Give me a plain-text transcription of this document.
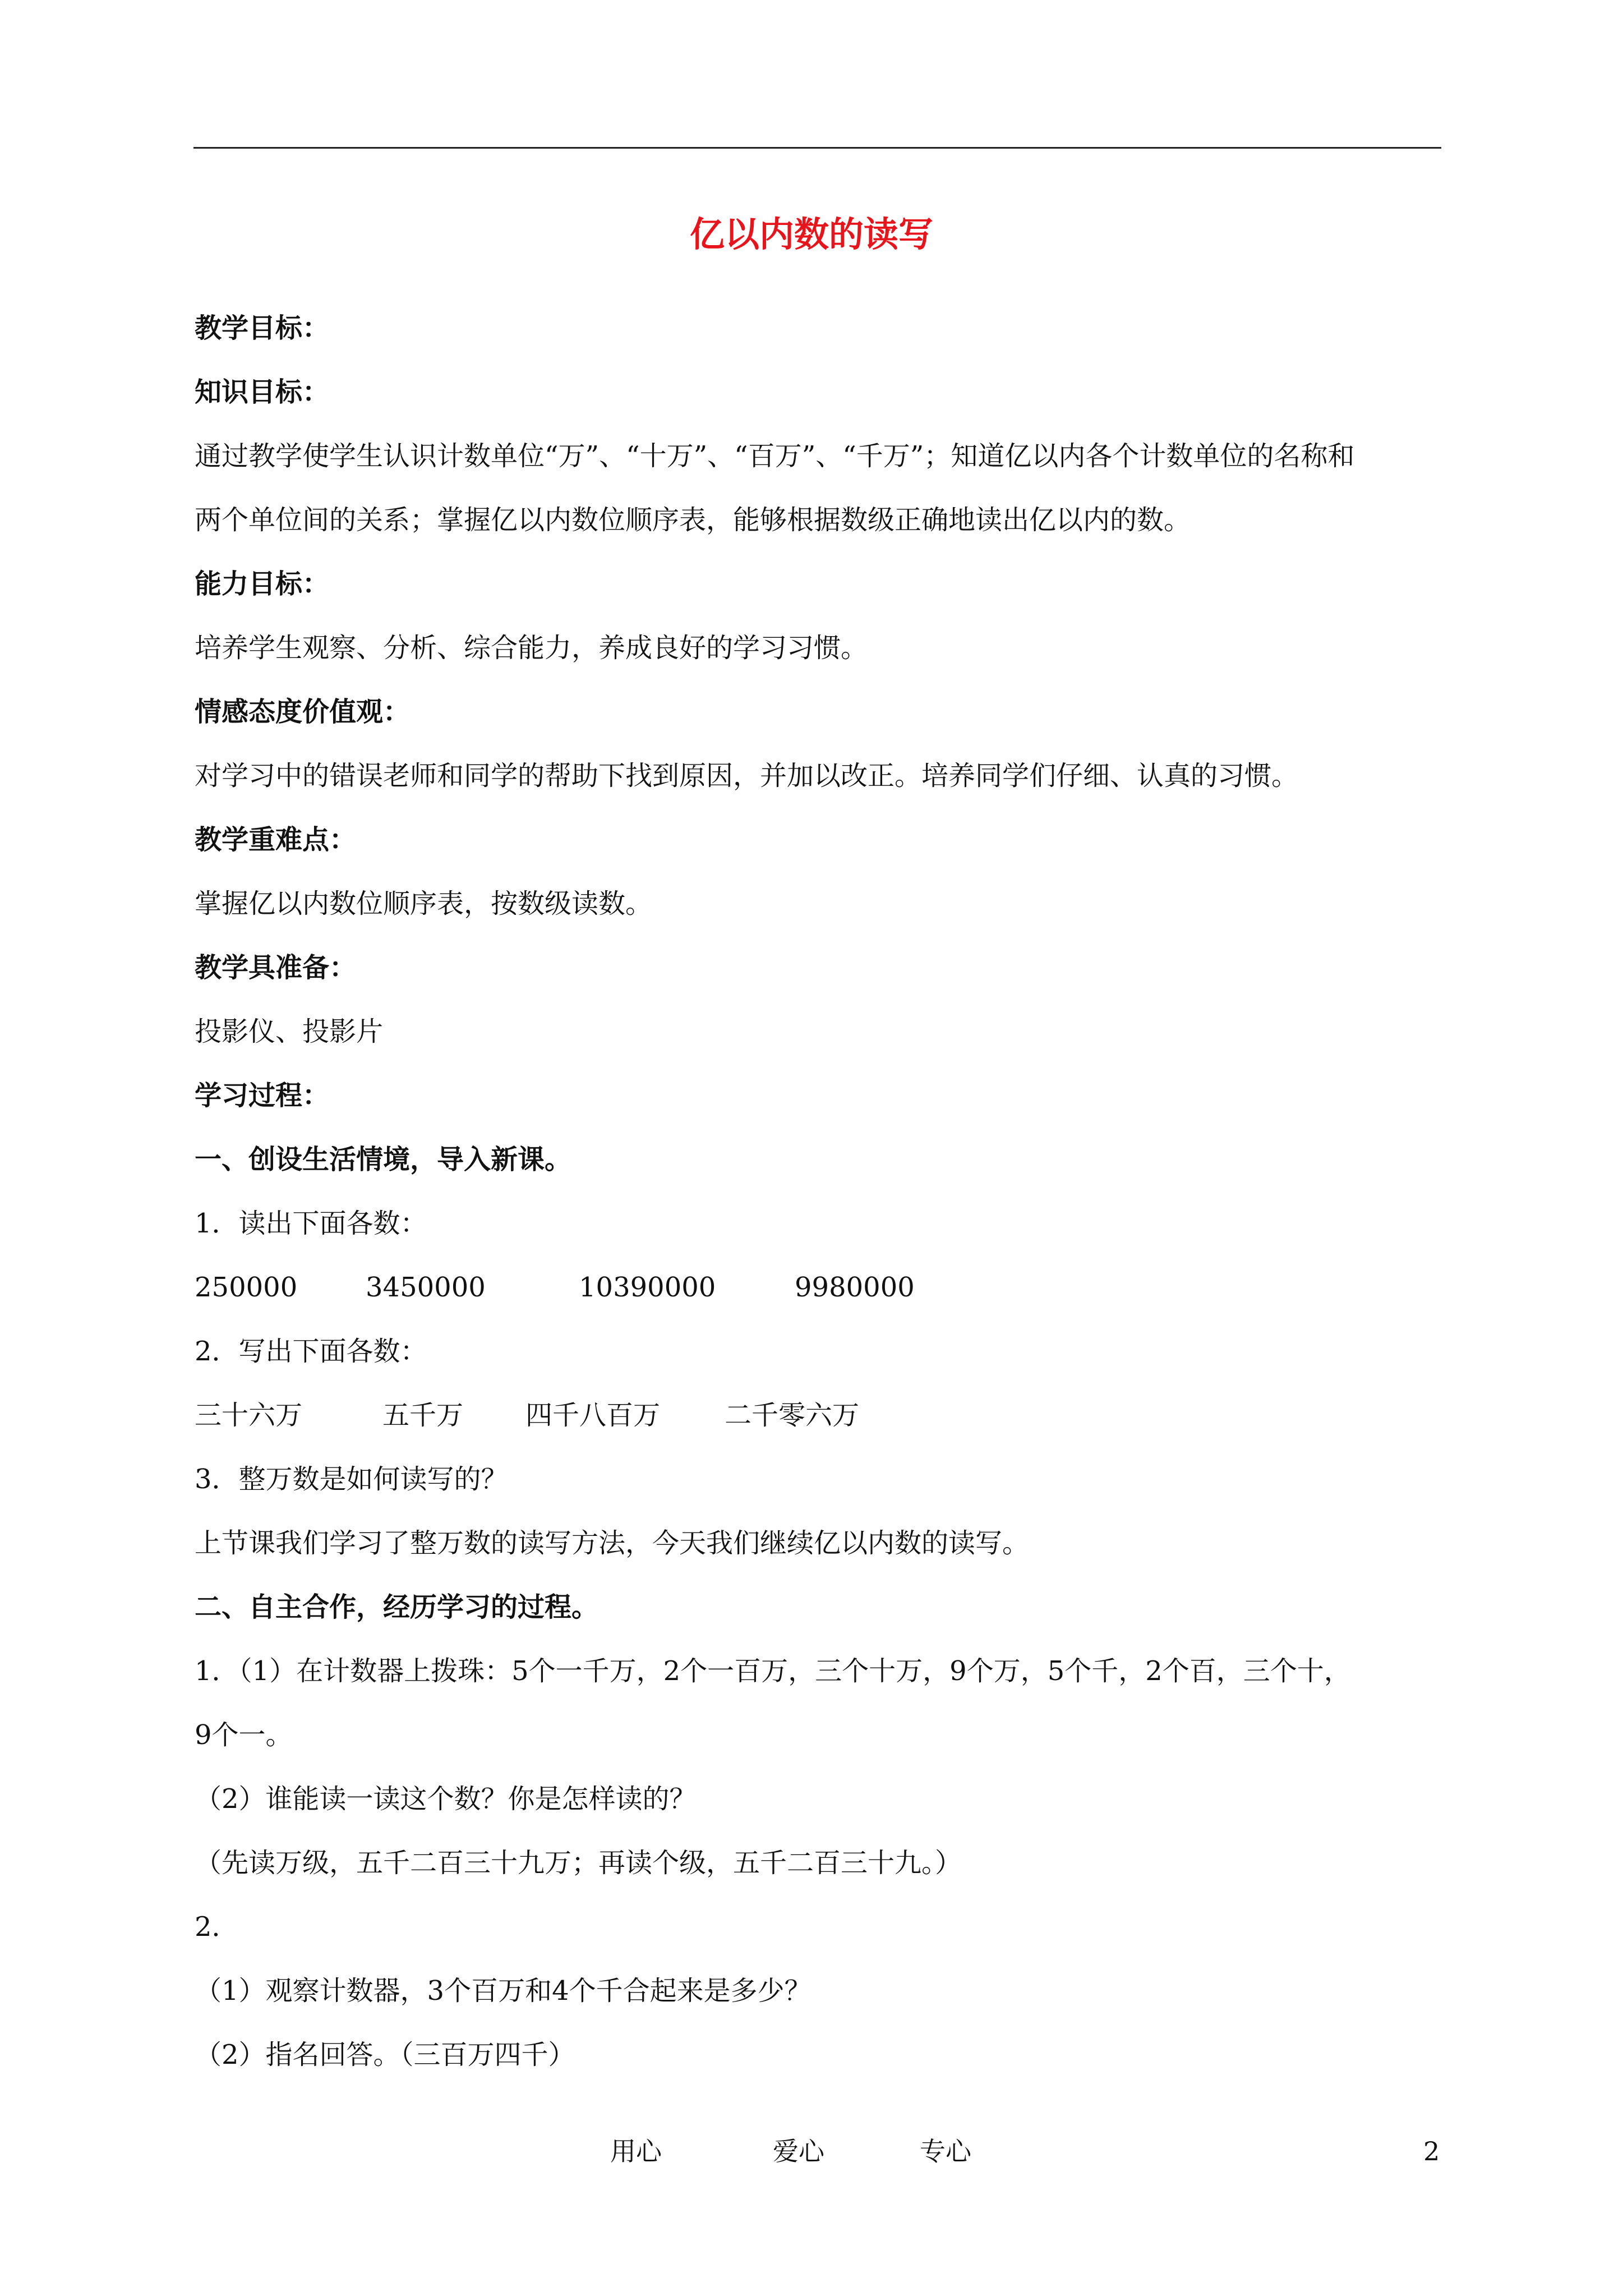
亿以内数的读写
教学目标：
知识目标：
通过教学使学生认识计数单位“万”、“十万”、“百万”、“千万”；知道亿以内各个计数单位的名称和
两个单位间的关系；掌握亿以内数位顺序表，能够根据数级正确地读出亿以内的数。
能力目标：
培养学生观察、分析、综合能力，养成良好的学习习惯。
情感态度价值观：
对学习中的错误老师和同学的帮助下找到原因，并加以改正。培养同学们仔细、认真的习惯。
教学重难点：
掌握亿以内数位顺序表，按数级读数。
教学具准备：
投影仪、投影片
学习过程：
一、创设生活情境，导入新课。
1．读出下面各数：
250000	3450000	10390000	9980000
2．写出下面各数：
三十六万	五千万 四千八百万 二千零六万
3．整万数是如何读写的？
上节课我们学习了整万数的读写方法，今天我们继续亿以内数的读写。
二、自主合作，经历学习的过程。
1．（1）在计数器上拨珠：5个一千万，2个一百万，三个十万，9个万，5个千，2个百，三个十，
9个一。
（2）谁能读一读这个数？你是怎样读的？
（先读万级，五千二百三十九万；再读个级，五千二百三十九。）
2．
（1）观察计数器，3个百万和4个千合起来是多少？
（2）指名回答。（三百万四千）
用心	爱心	专心	2
